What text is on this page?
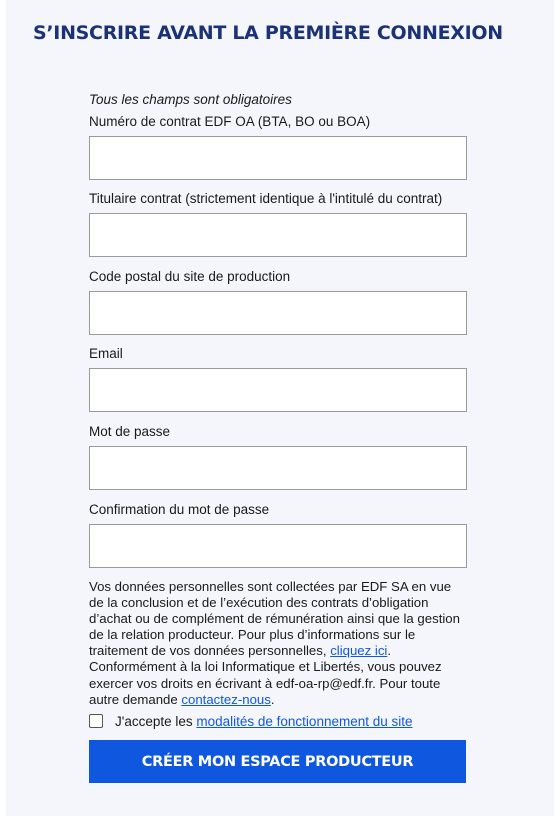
S’INSCRIRE AVANT LA PREMIÈRE CONNEXION
Tous les champs sont obligatoires
Numéro de contrat EDF OA (BTA, BO ou BOA)
Titulaire contrat (strictement identique à l'intitulé du contrat)
Code postal du site de production
Email
Mot de passe
Confirmation du mot de passe
Vos données personnelles sont collectées par EDF SA en vue de la conclusion et de l’exécution des contrats d’obligation d’achat ou de complément de rémunération ainsi que la gestion de la relation producteur. Pour plus d’informations sur le traitement de vos données personnelles, cliquez ici. Conformément à la loi Informatique et Libertés, vous pouvez exercer vos droits en écrivant à edf-oa-rp@edf.fr. Pour toute autre demande contactez-nous.
J'accepte les modalités de fonctionnement du site
CRÉER MON ESPACE PRODUCTEUR
